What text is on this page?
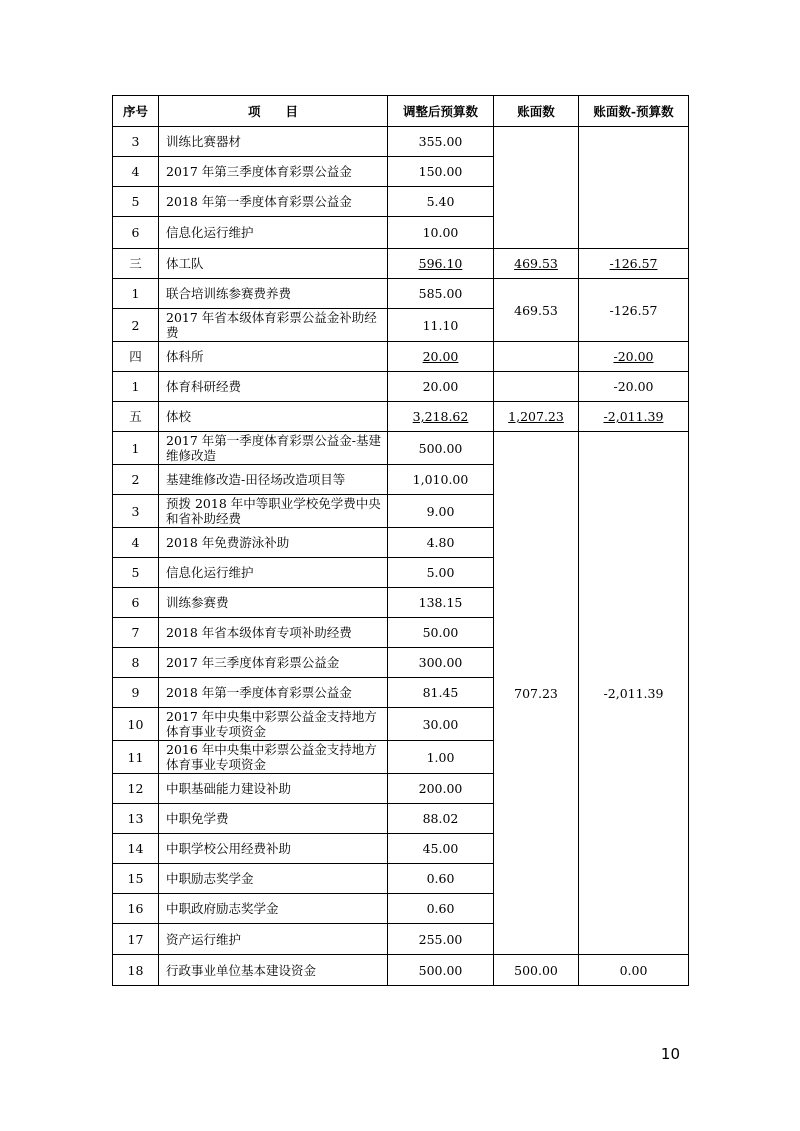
序号	项　　目	调整后预算数	账面数	账面数-预算数
3	训练比赛器材	355.00		
4	2017 年第三季度体育彩票公益金	150.00		
5	2018 年第一季度体育彩票公益金	5.40		
6	信息化运行维护	10.00		
三	体工队	596.10	469.53	-126.57
1	联合培训练参赛费养费	585.00	469.53	-126.57
2	2017 年省本级体育彩票公益金补助经费	11.10		
四	体科所	20.00		-20.00
1	体育科研经费	20.00		-20.00
五	体校	3,218.62	1,207.23	-2,011.39
1	2017 年第一季度体育彩票公益金-基建维修改造	500.00	707.23	-2,011.39
2	基建维修改造-田径场改造项目等	1,010.00		
3	预拨 2018 年中等职业学校免学费中央和省补助经费	9.00		
4	2018 年免费游泳补助	4.80		
5	信息化运行维护	5.00		
6	训练参赛费	138.15		
7	2018 年省本级体育专项补助经费	50.00		
8	2017 年三季度体育彩票公益金	300.00		
9	2018 年第一季度体育彩票公益金	81.45		
10	2017 年中央集中彩票公益金支持地方体育事业专项资金	30.00		
11	2016 年中央集中彩票公益金支持地方体育事业专项资金	1.00		
12	中职基础能力建设补助	200.00		
13	中职免学费	88.02		
14	中职学校公用经费补助	45.00		
15	中职励志奖学金	0.60		
16	中职政府励志奖学金	0.60		
17	资产运行维护	255.00		
18	行政事业单位基本建设资金	500.00	500.00	0.00
10
